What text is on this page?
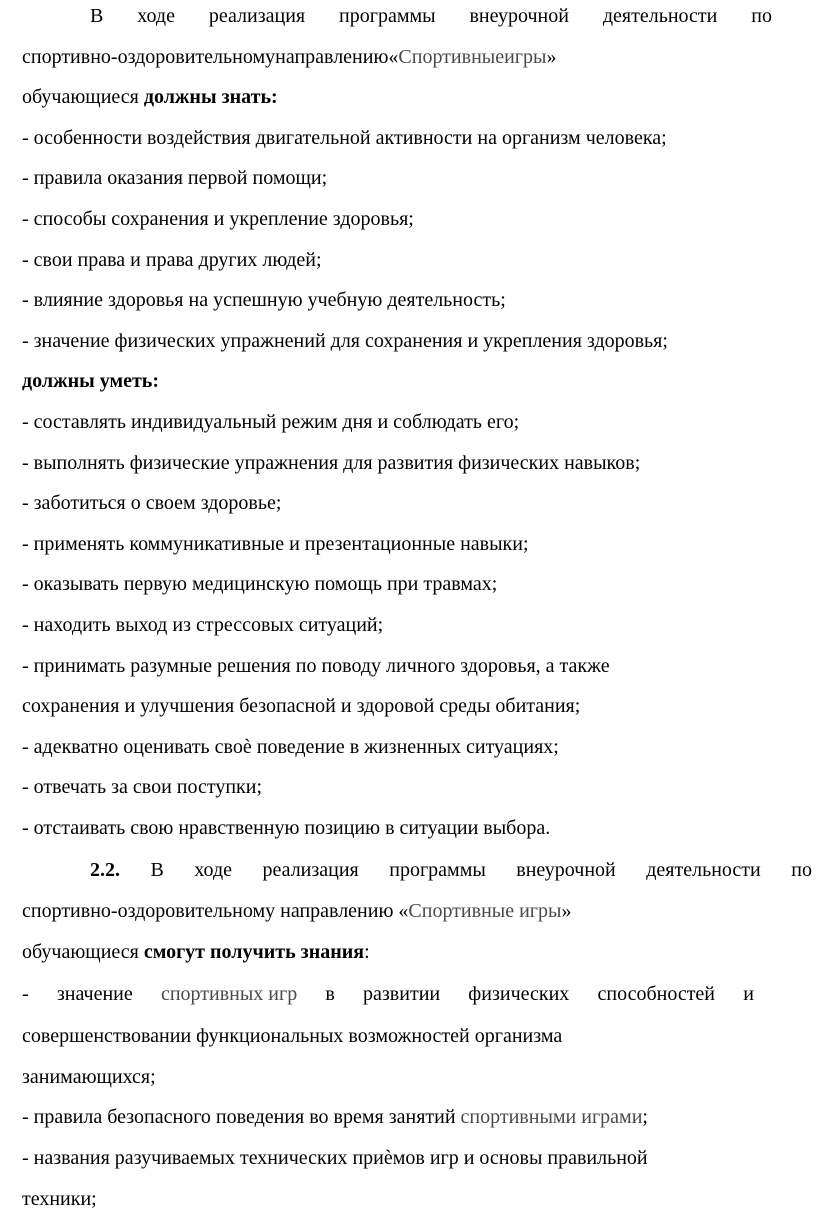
В ходе реализация программы внеурочной деятельности по
спортивно-оздоровительномунаправлению«Спортивныеигры»
обучающиеся должны знать:
- особенности воздействия двигательной активности на организм человека;
- правила оказания первой помощи;
- способы сохранения и укрепление здоровья;
- свои права и права других людей;
- влияние здоровья на успешную учебную деятельность;
- значение физических упражнений для сохранения и укрепления здоровья;
должны уметь:
- составлять индивидуальный режим дня и соблюдать его;
- выполнять физические упражнения для развития физических навыков;
- заботиться о своем здоровье;
- применять коммуникативные и презентационные навыки;
- оказывать первую медицинскую помощь при травмах;
- находить выход из стрессовых ситуаций;
- принимать разумные решения по поводу личного здоровья, а также
сохранения и улучшения безопасной и здоровой среды обитания;
- адекватно оценивать своѐ поведение в жизненных ситуациях;
- отвечать за свои поступки;
- отстаивать свою нравственную позицию в ситуации выбора.
2.2. В ходе реализация программы внеурочной деятельности по
спортивно-оздоровительному направлению «Спортивные игры»
обучающиеся смогут получить знания:
- значение спортивных игр в развитии физических способностей и
совершенствовании функциональных возможностей организма
занимающихся;
- правила безопасного поведения во время занятий спортивными играми;
- названия разучиваемых технических приѐмов игр и основы правильной
техники;
